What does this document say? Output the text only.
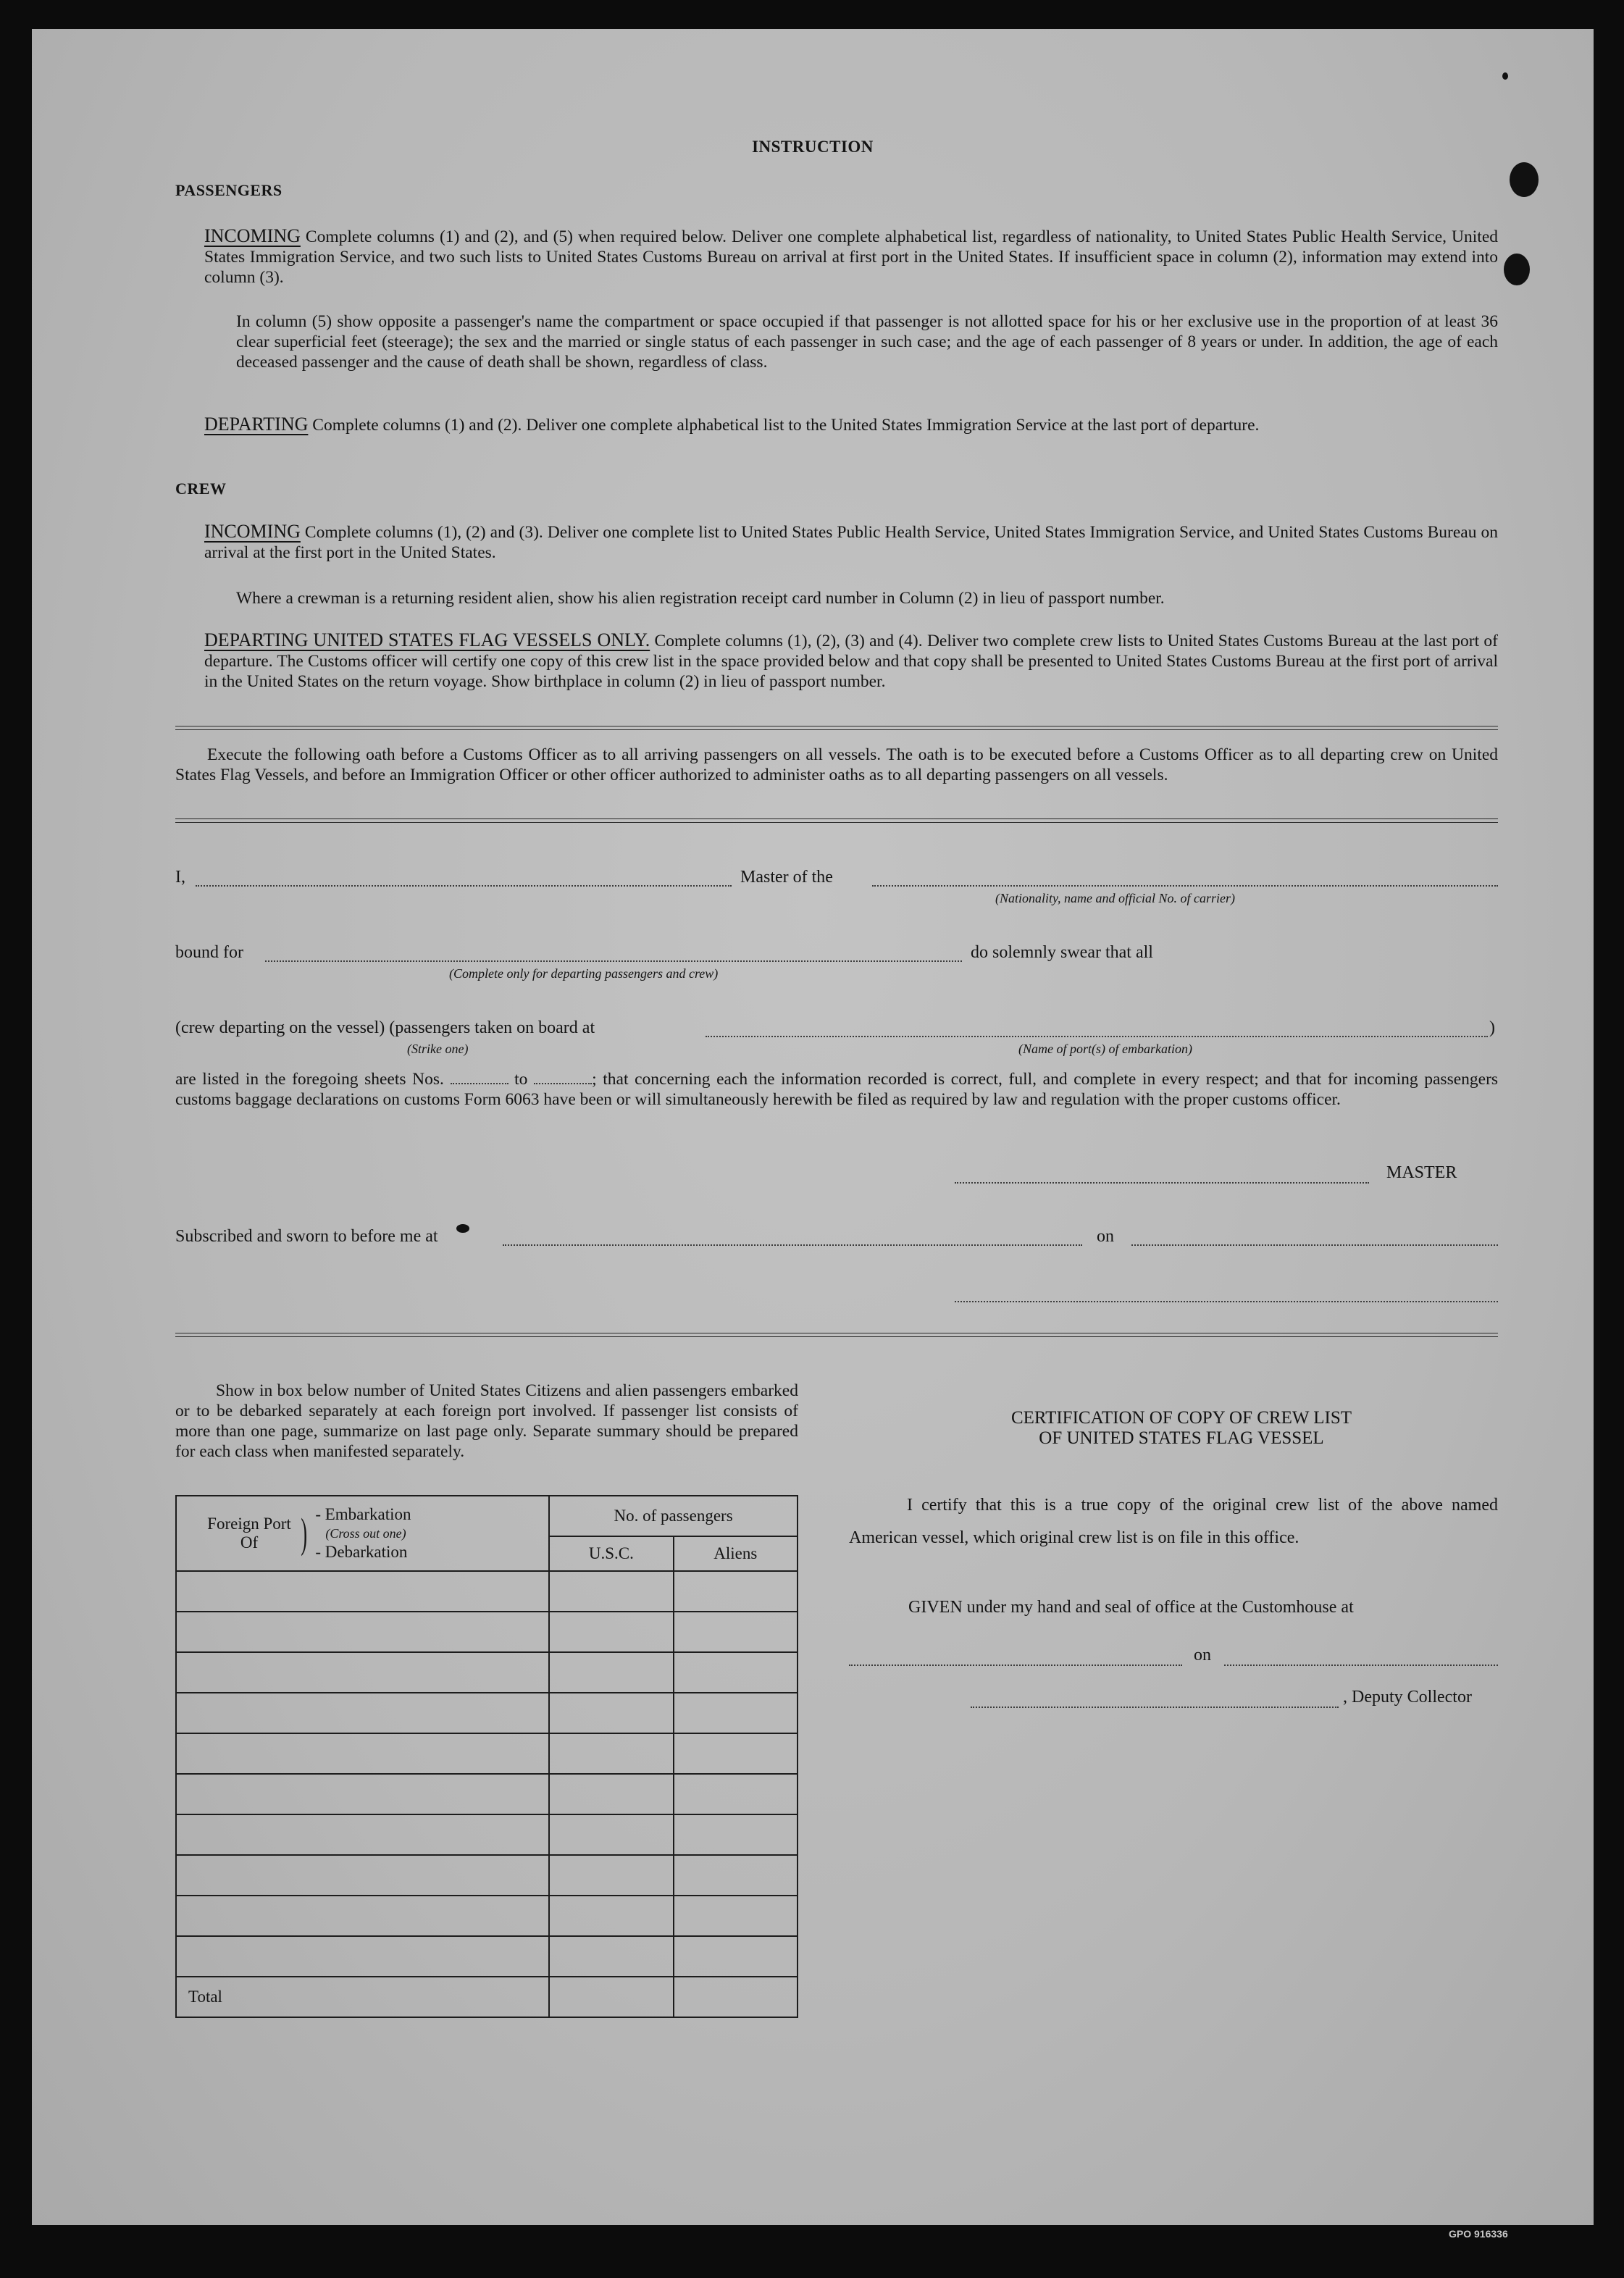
INSTRUCTION
PASSENGERS
INCOMING Complete columns (1) and (2), and (5) when required below. Deliver one complete alphabetical list, regardless of nationality, to United States Public Health Service, United States Immigration Service, and two such lists to United States Customs Bureau on arrival at first port in the United States. If insufficient space in column (2), information may extend into column (3).
In column (5) show opposite a passenger's name the compartment or space occupied if that passenger is not allotted space for his or her exclusive use in the proportion of at least 36 clear superficial feet (steerage); the sex and the married or single status of each passenger in such case; and the age of each passenger of 8 years or under. In addition, the age of each deceased passenger and the cause of death shall be shown, regardless of class.
DEPARTING Complete columns (1) and (2). Deliver one complete alphabetical list to the United States Immigration Service at the last port of departure.
CREW
INCOMING Complete columns (1), (2) and (3). Deliver one complete list to United States Public Health Service, United States Immigration Service, and United States Customs Bureau on arrival at the first port in the United States.
Where a crewman is a returning resident alien, show his alien registration receipt card number in Column (2) in lieu of passport number.
DEPARTING UNITED STATES FLAG VESSELS ONLY. Complete columns (1), (2), (3) and (4). Deliver two complete crew lists to United States Customs Bureau at the last port of departure. The Customs officer will certify one copy of this crew list in the space provided below and that copy shall be presented to United States Customs Bureau at the first port of arrival in the United States on the return voyage. Show birthplace in column (2) in lieu of passport number.
Execute the following oath before a Customs Officer as to all arriving passengers on all vessels. The oath is to be executed before a Customs Officer as to all departing crew on United States Flag Vessels, and before an Immigration Officer or other officer authorized to administer oaths as to all departing passengers on all vessels.
I,	Master of the
(Nationality, name and official No. of carrier)
bound for
(Complete only for departing passengers and crew)
do solemnly swear that all
(crew departing on the vessel) (passengers taken on board at
(Strike one)
)
(Name of port(s) of embarkation)
are listed in the foregoing sheets Nos.	to	; that concerning each the information recorded is correct, full, and complete in every respect; and that for incoming passengers customs baggage declarations on customs Form 6063 have been or will simultaneously herewith be filed as required by law and regulation with the proper customs officer.
MASTER
Subscribed and sworn to before me at	on
Show in box below number of United States Citizens and alien passengers embarked or to be debarked separately at each foreign port involved. If passenger list consists of more than one page, summarize on last page only. Separate summary should be prepared for each class when manifested separately.
Foreign Port Of ) - Embarkation
(Cross out one)
- Debarkation	No. of passengers	
	U.S.C.	Aliens

Total		
CERTIFICATION OF COPY OF CREW LIST
OF UNITED STATES FLAG VESSEL
I certify that this is a true copy of the original crew list of the above named American vessel, which original crew list is on file in this office.
GIVEN under my hand and seal of office at the Customhouse at
on
, Deputy Collector
GPO 916336
